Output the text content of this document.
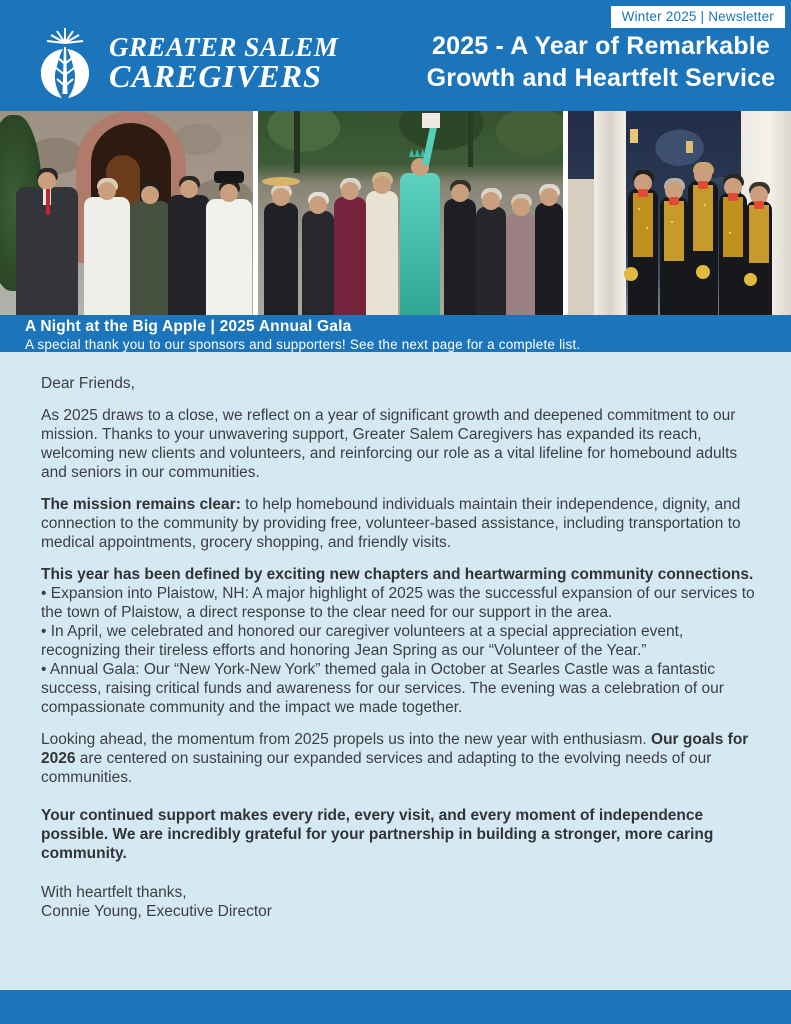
Winter 2025 | Newsletter
GREATER SALEM
CAREGIVERS
2025 - A Year of Remarkable
Growth and Heartfelt Service
A Night at the Big Apple | 2025 Annual Gala
A special thank you to our sponsors and supporters! See the next page for a complete list.

Dear Friends,

As 2025 draws to a close, we reflect on a year of significant growth and deepened commitment to our mission. Thanks to your unwavering support, Greater Salem Caregivers has expanded its reach, welcoming new clients and volunteers, and reinforcing our role as a vital lifeline for homebound adults and seniors in our communities.

The mission remains clear: to help homebound individuals maintain their independence, dignity, and connection to the community by providing free, volunteer-based assistance, including transportation to medical appointments, grocery shopping, and friendly visits.

This year has been defined by exciting new chapters and heartwarming community connections.

• Expansion into Plaistow, NH: A major highlight of 2025 was the successful expansion of our services to the town of Plaistow, a direct response to the clear need for our support in the area.

• In April, we celebrated and honored our caregiver volunteers at a special appreciation event, recognizing their tireless efforts and honoring Jean Spring as our “Volunteer of the Year.”

• Annual Gala: Our “New York-New York” themed gala in October at Searles Castle was a fantastic success, raising critical funds and awareness for our services. The evening was a celebration of our compassionate community and the impact we made together.

Looking ahead, the momentum from 2025 propels us into the new year with enthusiasm. Our goals for 2026 are centered on sustaining our expanded services and adapting to the evolving needs of our communities.

Your continued support makes every ride, every visit, and every moment of independence possible. We are incredibly grateful for your partnership in building a stronger, more caring community.

With heartfelt thanks,

Connie Young, Executive Director
